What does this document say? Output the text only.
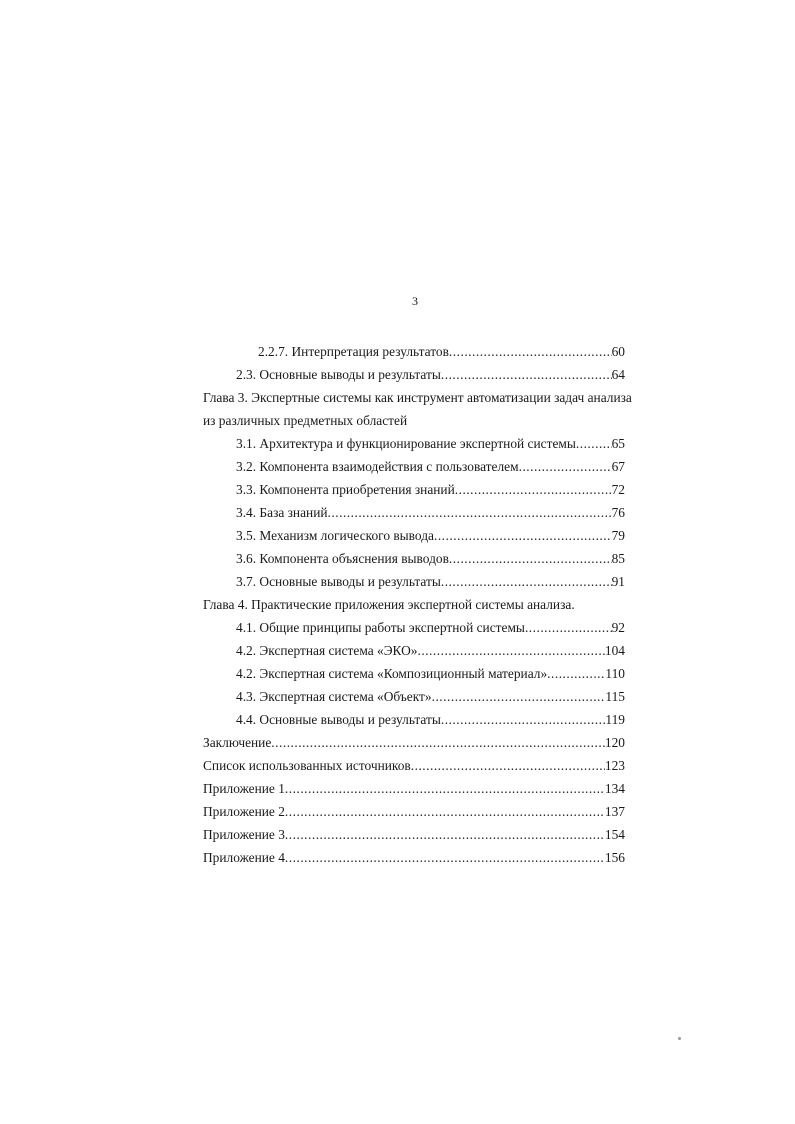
3
2.2.7. Интерпретация результатов .....	60
2.3. Основные выводы и результаты .....	64
Глава 3. Экспертные системы как инструмент автоматизации задач анализа
из различных предметных областей
3.1. Архитектура и функционирование экспертной системы .....	65
3.2. Компонента взаимодействия с пользователем .....	67
3.3. Компонента приобретения знаний .....	72
3.4. База знаний .....	76
3.5. Механизм логического вывода .....	79
3.6. Компонента объяснения выводов .....	85
3.7. Основные выводы и результаты .....	91
Глава 4. Практические приложения экспертной системы анализа.
4.1. Общие принципы работы экспертной системы .....	92
4.2. Экспертная система «ЭКО» .....	104
4.2. Экспертная система «Композиционный материал» .....	110
4.3. Экспертная система «Объект» .....	115
4.4. Основные выводы и результаты .....	119
Заключение .....	120
Список использованных источников .....	123
Приложение 1 .....	134
Приложение 2 .....	137
Приложение 3 .....	154
Приложение 4 .....	156
